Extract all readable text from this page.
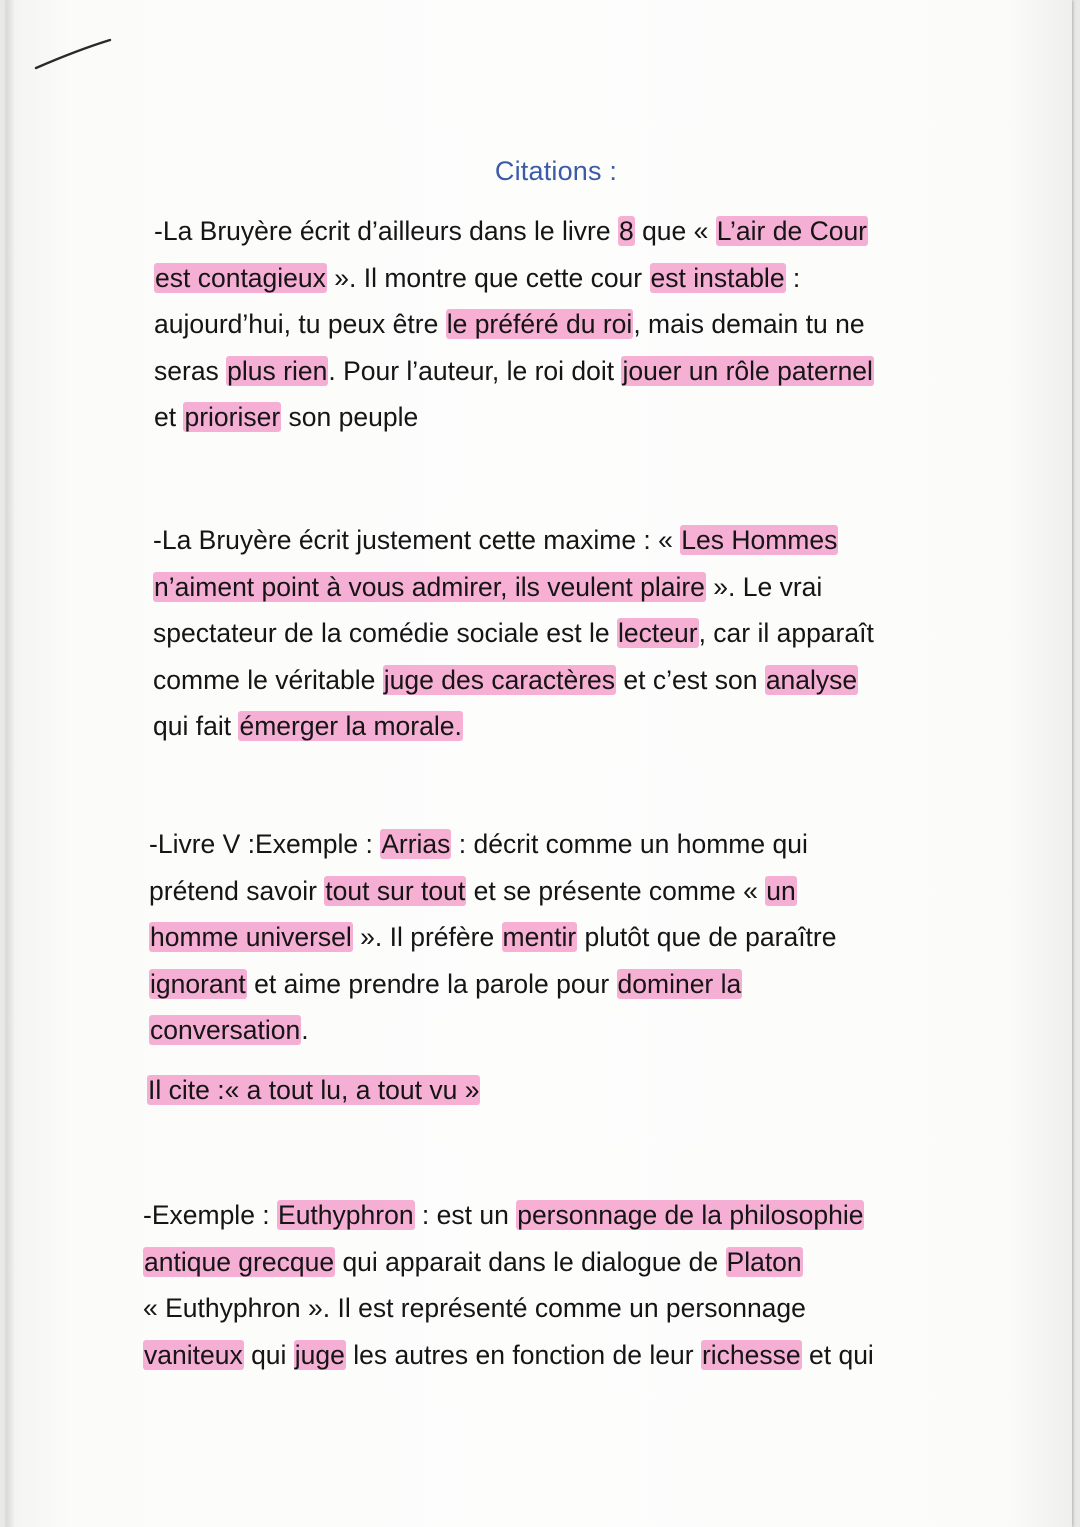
Citations :

-La Bruyère écrit d’ailleurs dans le livre 8 que « L’air de Cour
est contagieux ». Il montre que cette cour est instable :
aujourd’hui, tu peux être le préféré du roi, mais demain tu ne
seras plus rien. Pour l’auteur, le roi doit jouer un rôle paternel
et prioriser son peuple

-La Bruyère écrit justement cette maxime : « Les Hommes
n’aiment point à vous admirer, ils veulent plaire ». Le vrai
spectateur de la comédie sociale est le lecteur, car il apparaît
comme le véritable juge des caractères et c’est son analyse
qui fait émerger la morale.

-Livre V :Exemple : Arrias : décrit comme un homme qui
prétend savoir tout sur tout et se présente comme « un
homme universel ». Il préfère mentir plutôt que de paraître
ignorant et aime prendre la parole pour dominer la
conversation.

Il cite :« a tout lu, a tout vu »

-Exemple : Euthyphron : est un personnage de la philosophie
antique grecque qui apparait dans le dialogue de Platon
« Euthyphron ». Il est représenté comme un personnage
vaniteux qui juge les autres en fonction de leur richesse et qui
